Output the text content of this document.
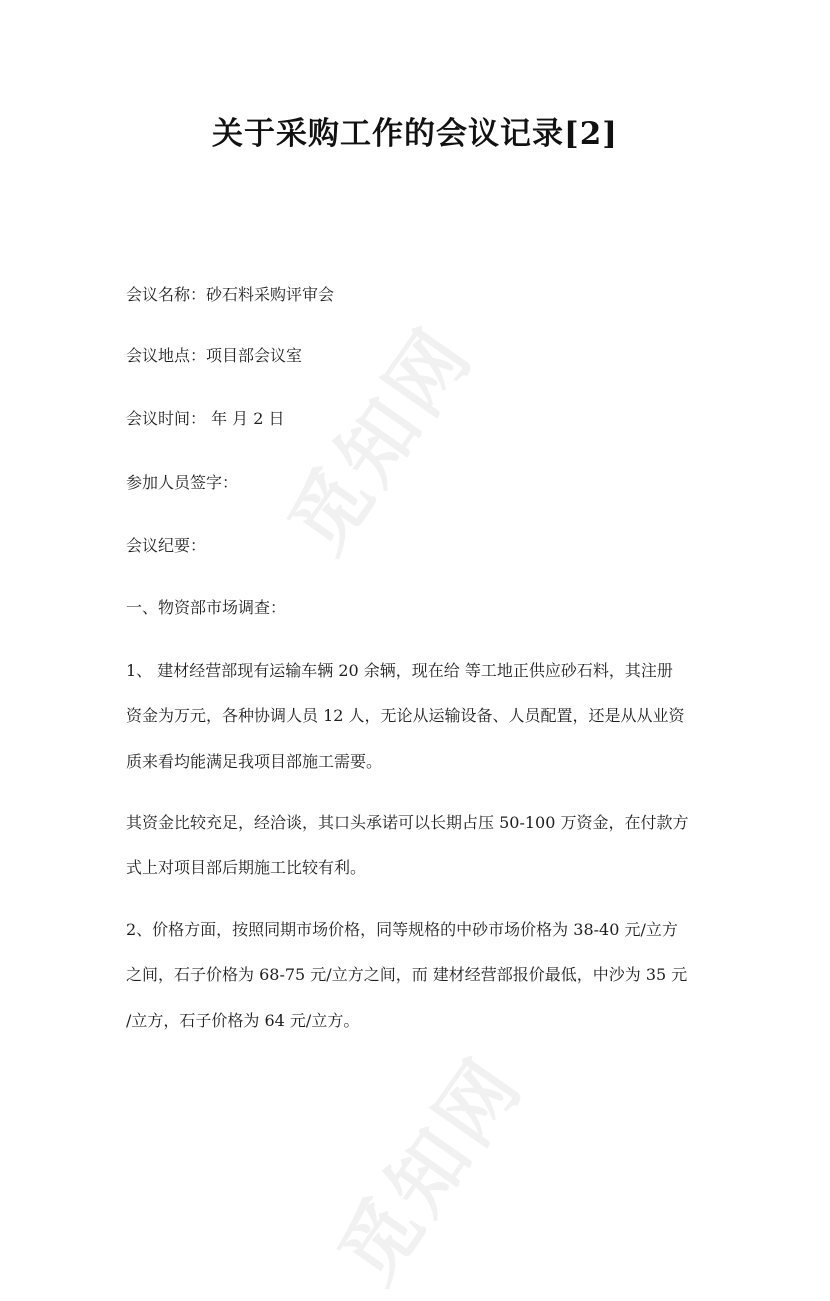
觅知网
觅知网
关于采购工作的会议记录[2]
会议名称：砂石料采购评审会
会议地点：项目部会议室
会议时间： 年 月 2 日
参加人员签字：
会议纪要：
一、物资部市场调查：
1、 建材经营部现有运输车辆 20 余辆，现在给 等工地正供应砂石料，其注册
资金为万元，各种协调人员 12 人，无论从运输设备、人员配置，还是从从业资
质来看均能满足我项目部施工需要。
其资金比较充足，经洽谈，其口头承诺可以长期占压 50-100 万资金，在付款方
式上对项目部后期施工比较有利。
2、价格方面，按照同期市场价格，同等规格的中砂市场价格为 38-40 元/立方
之间，石子价格为 68-75 元/立方之间，而 建材经营部报价最低，中沙为 35 元
/立方，石子价格为 64 元/立方。
